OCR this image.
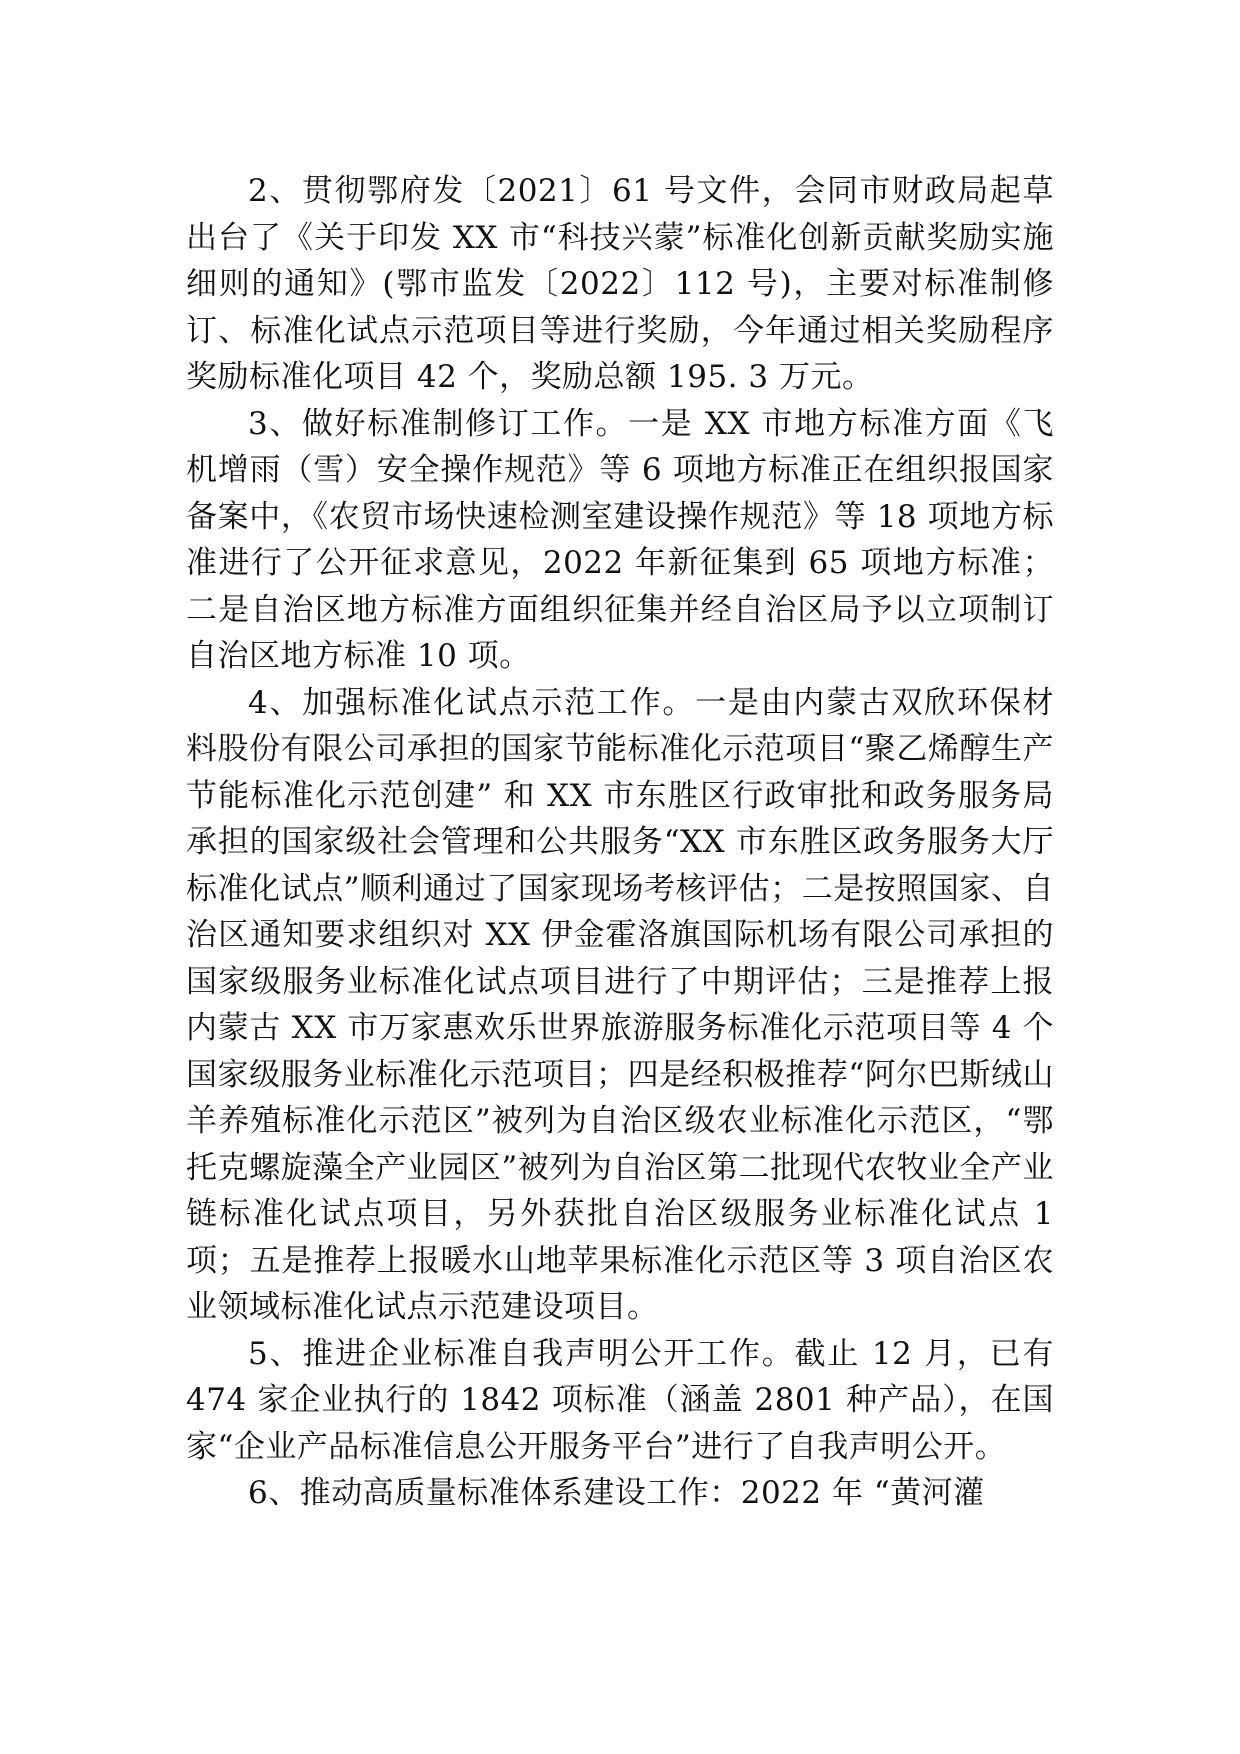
2、贯彻鄂府发〔2021〕61 号文件，会同市财政局起草出台了《关于印发 XX 市“科技兴蒙”标准化创新贡献奖励实施细则的通知》(鄂市监发〔2022〕112 号)，主要对标准制修订、标准化试点示范项目等进行奖励，今年通过相关奖励程序奖励标准化项目 42 个，奖励总额 195. 3 万元。

3、做好标准制修订工作。一是 XX 市地方标准方面《飞机增雨（雪）安全操作规范》等 6 项地方标准正在组织报国家备案中，《农贸市场快速检测室建设操作规范》等 18 项地方标准进行了公开征求意见，2022 年新征集到 65 项地方标准；二是自治区地方标准方面组织征集并经自治区局予以立项制订自治区地方标准 10 项。

4、加强标准化试点示范工作。一是由内蒙古双欣环保材料股份有限公司承担的国家节能标准化示范项目“聚乙烯醇生产节能标准化示范创建” 和 XX 市东胜区行政审批和政务服务局承担的国家级社会管理和公共服务“XX 市东胜区政务服务大厅标准化试点”顺利通过了国家现场考核评估；二是按照国家、自治区通知要求组织对 XX 伊金霍洛旗国际机场有限公司承担的国家级服务业标准化试点项目进行了中期评估；三是推荐上报内蒙古 XX 市万家惠欢乐世界旅游服务标准化示范项目等 4 个国家级服务业标准化示范项目；四是经积极推荐“阿尔巴斯绒山羊养殖标准化示范区”被列为自治区级农业标准化示范区，“鄂托克螺旋藻全产业园区”被列为自治区第二批现代农牧业全产业链标准化试点项目，另外获批自治区级服务业标准化试点 1 项；五是推荐上报暖水山地苹果标准化示范区等 3 项自治区农业领域标准化试点示范建设项目。

5、推进企业标准自我声明公开工作。截止 12 月，已有 474 家企业执行的 1842 项标准（涵盖 2801 种产品），在国家“企业产品标准信息公开服务平台”进行了自我声明公开。

6、推动高质量标准体系建设工作：2022 年 “黄河灌
